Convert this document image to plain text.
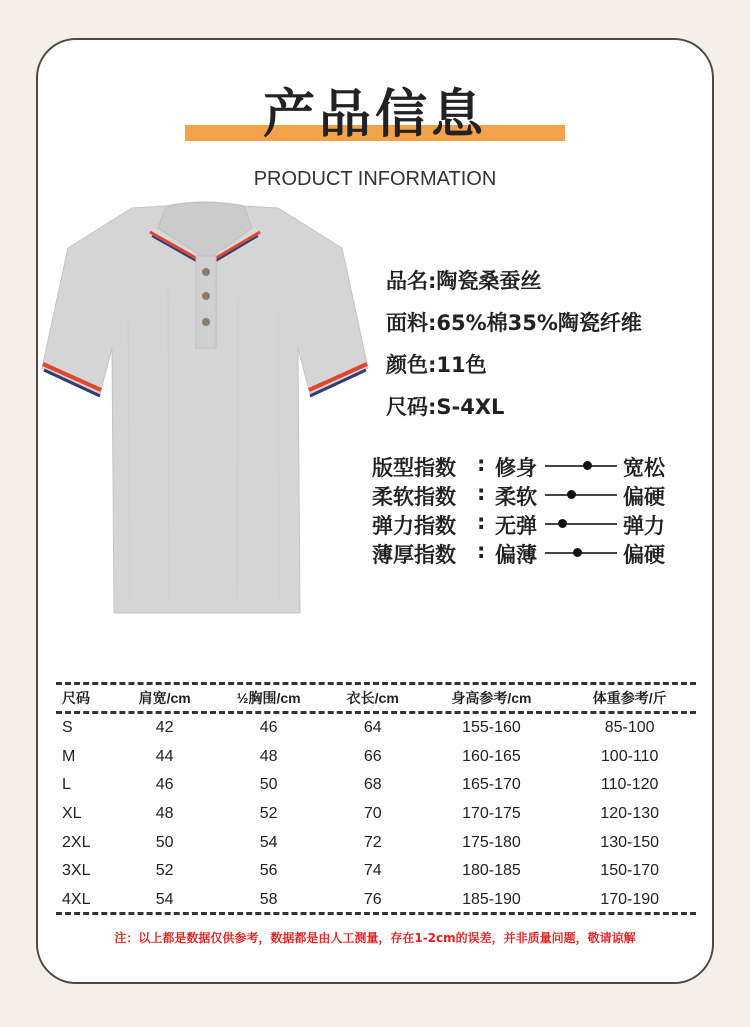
产品信息
PRODUCT INFORMATION
品名 : 陶瓷桑蚕丝
面料 : 65%棉35%陶瓷纤维
颜色 : 11色
尺码 : S-4XL
版型指数 : 修身	宽松
柔软指数 : 柔软	偏硬
弹力指数 : 无弹	弹力
薄厚指数 : 偏薄	偏硬
尺码	肩宽/cm	½胸围/cm	衣长/cm	身高参考/cm	体重参考/斤

S	42	46	64	155-160	85-100
M	44	48	66	160-165	100-110
L	46	50	68	165-170	110-120
XL	48	52	70	170-175	120-130
2XL	50	54	72	175-180	130-150
3XL	52	56	74	180-185	150-170
4XL	54	58	76	185-190	170-190
注：以上都是数据仅供参考，数据都是由人工测量，存在1-2cm的误差，并非质量问题，敬请谅解
